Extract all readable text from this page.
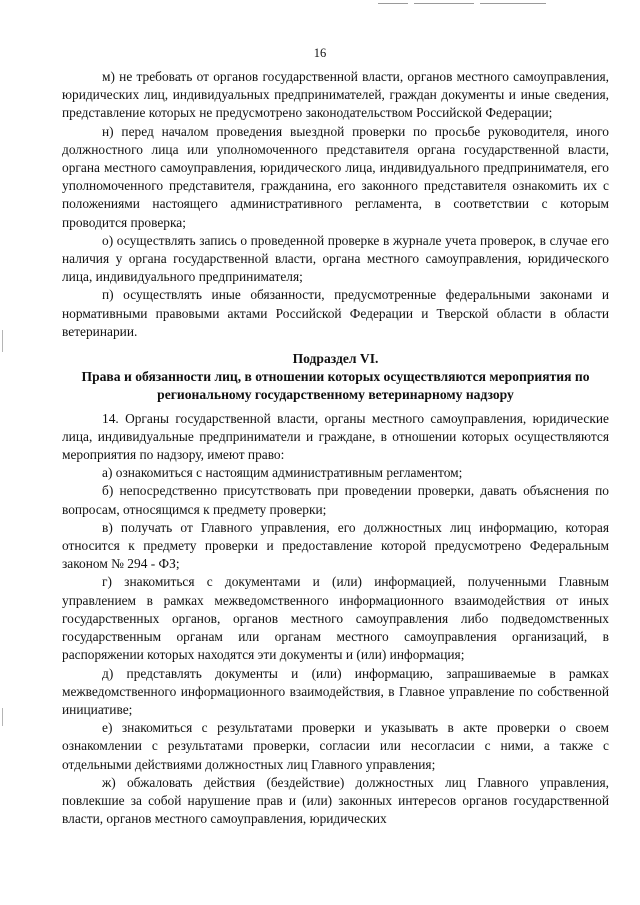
16

м) не требовать от органов государственной власти, органов местного самоуправления, юридических лиц, индивидуальных предпринимателей, граждан документы и иные сведения, представление которых не предусмотрено законодательством Российской Федерации;

н) перед началом проведения выездной проверки по просьбе руководителя, иного должностного лица или уполномоченного представителя органа государственной власти, органа местного самоуправления, юридического лица, индивидуального предпринимателя, его уполномоченного представителя, гражданина, его законного представителя ознакомить их с положениями настоящего административного регламента, в соответствии с которым проводится проверка;

о) осуществлять запись о проведенной проверке в журнале учета проверок, в случае его наличия у органа государственной власти, органа местного самоуправления, юридического лица, индивидуального предпринимателя;

п) осуществлять иные обязанности, предусмотренные федеральными законами и нормативными правовыми актами Российской Федерации и Тверской области в области ветеринарии.

Подраздел VI.

Права и обязанности лиц, в отношении которых осуществляются мероприятия по региональному государственному ветеринарному надзору

14. Органы государственной власти, органы местного самоуправления, юридические лица, индивидуальные предприниматели и граждане, в отношении которых осуществляются мероприятия по надзору, имеют право:

а) ознакомиться с настоящим административным регламентом;

б) непосредственно присутствовать при проведении проверки, давать объяснения по вопросам, относящимся к предмету проверки;

в) получать от Главного управления, его должностных лиц информацию, которая относится к предмету проверки и предоставление которой предусмотрено Федеральным законом № 294 - ФЗ;

г) знакомиться с документами и (или) информацией, полученными Главным управлением в рамках межведомственного информационного взаимодействия от иных государственных органов, органов местного самоуправления либо подведомственных государственным органам или органам местного самоуправления организаций, в распоряжении которых находятся эти документы и (или) информация;

д) представлять документы и (или) информацию, запрашиваемые в рамках межведомственного информационного взаимодействия, в Главное управление по собственной инициативе;

е) знакомиться с результатами проверки и указывать в акте проверки о своем ознакомлении с результатами проверки, согласии или несогласии с ними, а также с отдельными действиями должностных лиц Главного управления;

ж) обжаловать действия (бездействие) должностных лиц Главного управления, повлекшие за собой нарушение прав и (или) законных интересов органов государственной власти, органов местного самоуправления, юридических
